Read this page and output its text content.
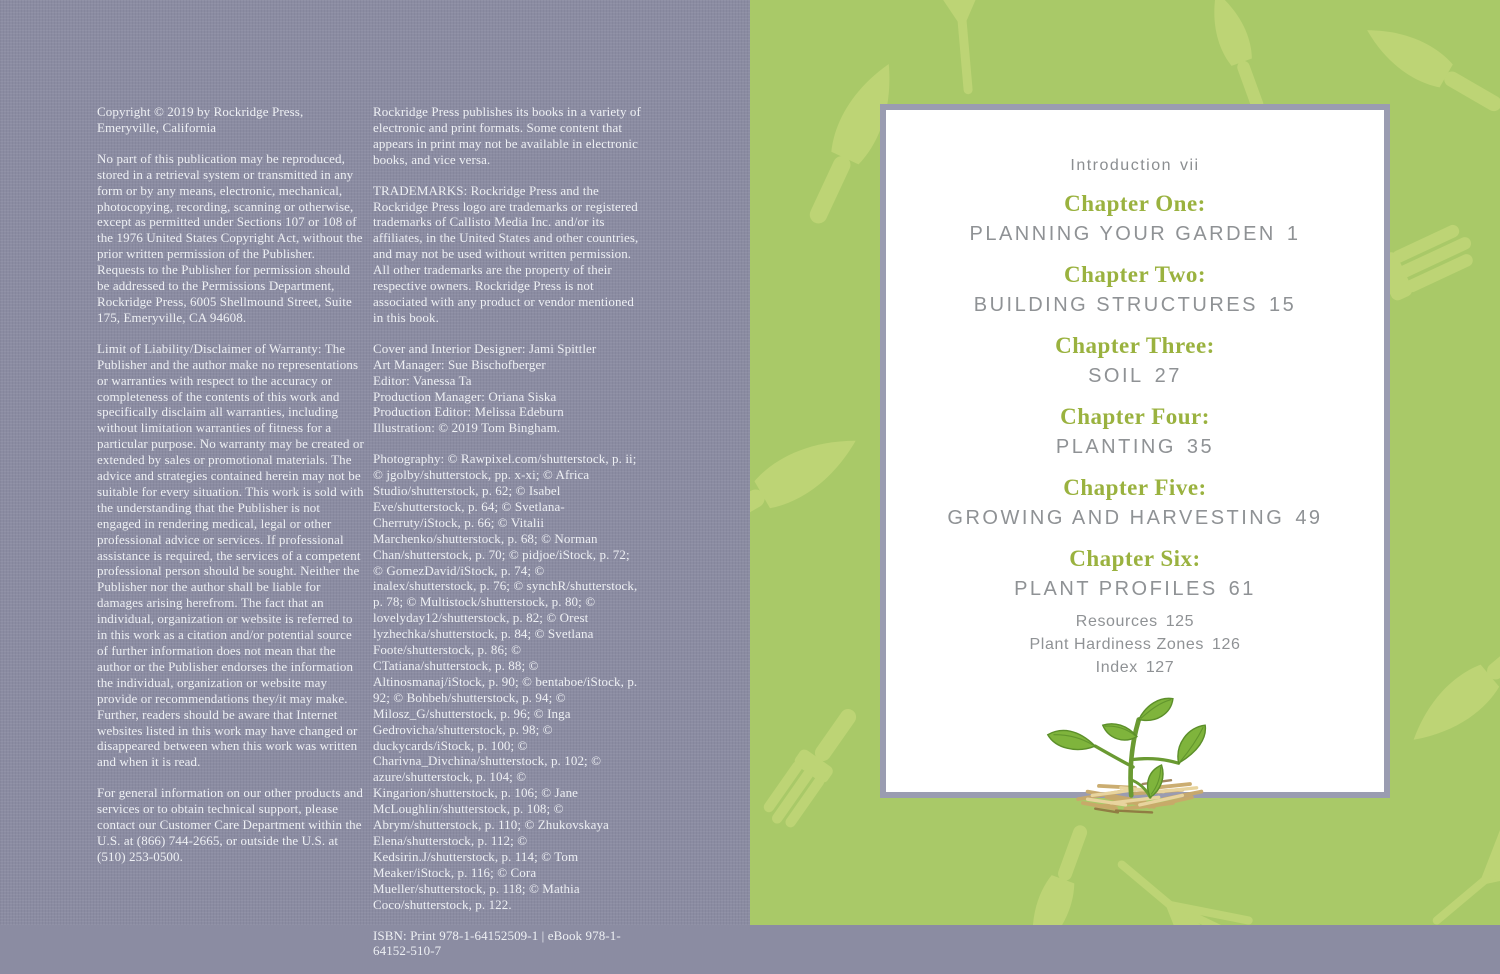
Copyright © 2019 by Rockridge Press, Emeryville, California

No part of this publication may be reproduced, stored in a retrieval system or transmitted in any form or by any means, electronic, mechanical, photocopying, recording, scanning or otherwise, except as permitted under Sections 107 or 108 of the 1976 United States Copyright Act, without the prior written permission of the Publisher. Requests to the Publisher for permission should be addressed to the Permissions Department, Rockridge Press, 6005 Shellmound Street, Suite 175, Emeryville, CA 94608.

Limit of Liability/Disclaimer of Warranty: The Publisher and the author make no representations or warranties with respect to the accuracy or completeness of the contents of this work and specifically disclaim all warranties, including without limitation warranties of fitness for a particular purpose. No warranty may be created or extended by sales or promotional materials. The advice and strategies contained herein may not be suitable for every situation. This work is sold with the understanding that the Publisher is not engaged in rendering medical, legal or other professional advice or services. If professional assistance is required, the services of a competent professional person should be sought. Neither the Publisher nor the author shall be liable for damages arising herefrom. The fact that an individual, organization or website is referred to in this work as a citation and/or potential source of further information does not mean that the author or the Publisher endorses the information the individual, organization or website may provide or recommendations they/it may make. Further, readers should be aware that Internet websites listed in this work may have changed or disappeared between when this work was written and when it is read.

For general information on our other products and services or to obtain technical support, please contact our Customer Care Department within the U.S. at (866) 744-2665, or outside the U.S. at (510) 253-0500.

Rockridge Press publishes its books in a variety of electronic and print formats. Some content that appears in print may not be available in electronic books, and vice versa.

TRADEMARKS: Rockridge Press and the Rockridge Press logo are trademarks or registered trademarks of Callisto Media Inc. and/or its affiliates, in the United States and other countries, and may not be used without written permission. All other trademarks are the property of their respective owners. Rockridge Press is not associated with any product or vendor mentioned in this book.

Cover and Interior Designer: Jami Spittler
Art Manager: Sue Bischofberger
Editor: Vanessa Ta
Production Manager: Oriana Siska
Production Editor: Melissa Edeburn
Illustration: © 2019 Tom Bingham.

Photography: © Rawpixel.com/shutterstock, p. ii; © jgolby/shutterstock, pp. x-xi; © Africa Studio/shutterstock, p. 62; © Isabel Eve/shutterstock, p. 64; © Svetlana-Cherruty/iStock, p. 66; © Vitalii Marchenko/shutterstock, p. 68; © Norman Chan/shutterstock, p. 70; © pidjoe/iStock, p. 72; © GomezDavid/iStock, p. 74; © inalex/shutterstock, p. 76; © synchR/shutterstock, p. 78; © Multistock/shutterstock, p. 80; © lovelyday12/shutterstock, p. 82; © Orest lyzhechka/shutterstock, p. 84; © Svetlana Foote/shutterstock, p. 86; © CTatiana/shutterstock, p. 88; © Altinosmanaj/iStock, p. 90; © bentaboe/iStock, p. 92; © Bohbeh/shutterstock, p. 94; © Milosz_G/shutterstock, p. 96; © Inga Gedrovicha/shutterstock, p. 98; © duckycards/iStock, p. 100; © Charivna_Divchina/shutterstock, p. 102; © azure/shutterstock, p. 104; © Kingarion/shutterstock, p. 106; © Jane McLoughlin/shutterstock, p. 108; © Abrym/shutterstock, p. 110; © Zhukovskaya Elena/shutterstock, p. 112; © Kedsirin.J/shutterstock, p. 114; © Tom Meaker/iStock, p. 116; © Cora Mueller/shutterstock, p. 118; © Mathia Coco/shutterstock, p. 122.

ISBN: Print 978-1-64152509-1 | eBook 978-1-64152-510-7

Introduction vii
Chapter One:
PLANNING YOUR GARDEN 1
Chapter Two:
BUILDING STRUCTURES 15
Chapter Three:
SOIL 27
Chapter Four:
PLANTING 35
Chapter Five:
GROWING AND HARVESTING 49
Chapter Six:
PLANT PROFILES 61
Resources 125
Plant Hardiness Zones 126
Index 127
